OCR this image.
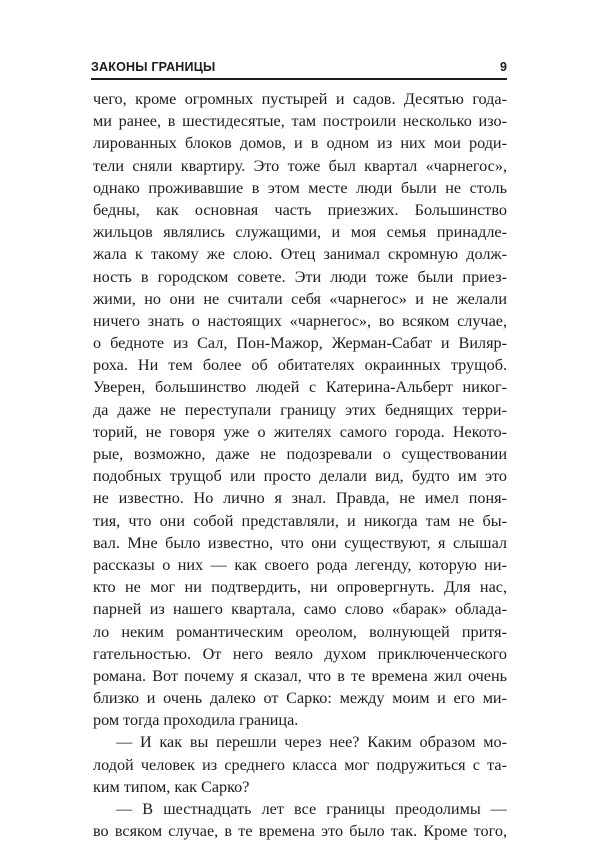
ЗАКОНЫ ГРАНИЦЫ	9
чего, кроме огромных пустырей и садов. Десятью года-
ми ранее, в шестидесятые, там построили несколько изо-
лированных блоков домов, и в одном из них мои роди-
тели сняли квартиру. Это тоже был квартал «чарнегос»,
однако проживавшие в этом месте люди были не столь
бедны, как основная часть приезжих. Большинство
жильцов являлись служащими, и моя семья принадле-
жала к такому же слою. Отец занимал скромную долж-
ность в городском совете. Эти люди тоже были приез-
жими, но они не считали себя «чарнегос» и не желали
ничего знать о настоящих «чарнегос», во всяком случае,
о бедноте из Сал, Пон-Мажор, Жерман-Сабат и Виляр-
роха. Ни тем более об обитателях окраинных трущоб.
Уверен, большинство людей с Катерина-Альберт никог-
да даже не переступали границу этих беднящих терри-
торий, не говоря уже о жителях самого города. Некото-
рые, возможно, даже не подозревали о существовании
подобных трущоб или просто делали вид, будто им это
не известно. Но лично я знал. Правда, не имел поня-
тия, что они собой представляли, и никогда там не бы-
вал. Мне было известно, что они существуют, я слышал
рассказы о них — как своего рода легенду, которую ни-
кто не мог ни подтвердить, ни опровергнуть. Для нас,
парней из нашего квартала, само слово «барак» облада-
ло неким романтическим ореолом, волнующей притя-
гательностью. От него веяло духом приключенческого
романа. Вот почему я сказал, что в те времена жил очень
близко и очень далеко от Сарко: между моим и его ми-
ром тогда проходила граница.
— И как вы перешли через нее? Каким образом мо-
лодой человек из среднего класса мог подружиться с та-
ким типом, как Сарко?
— В шестнадцать лет все границы преодолимы —
во всяком случае, в те времена это было так. Кроме того,
